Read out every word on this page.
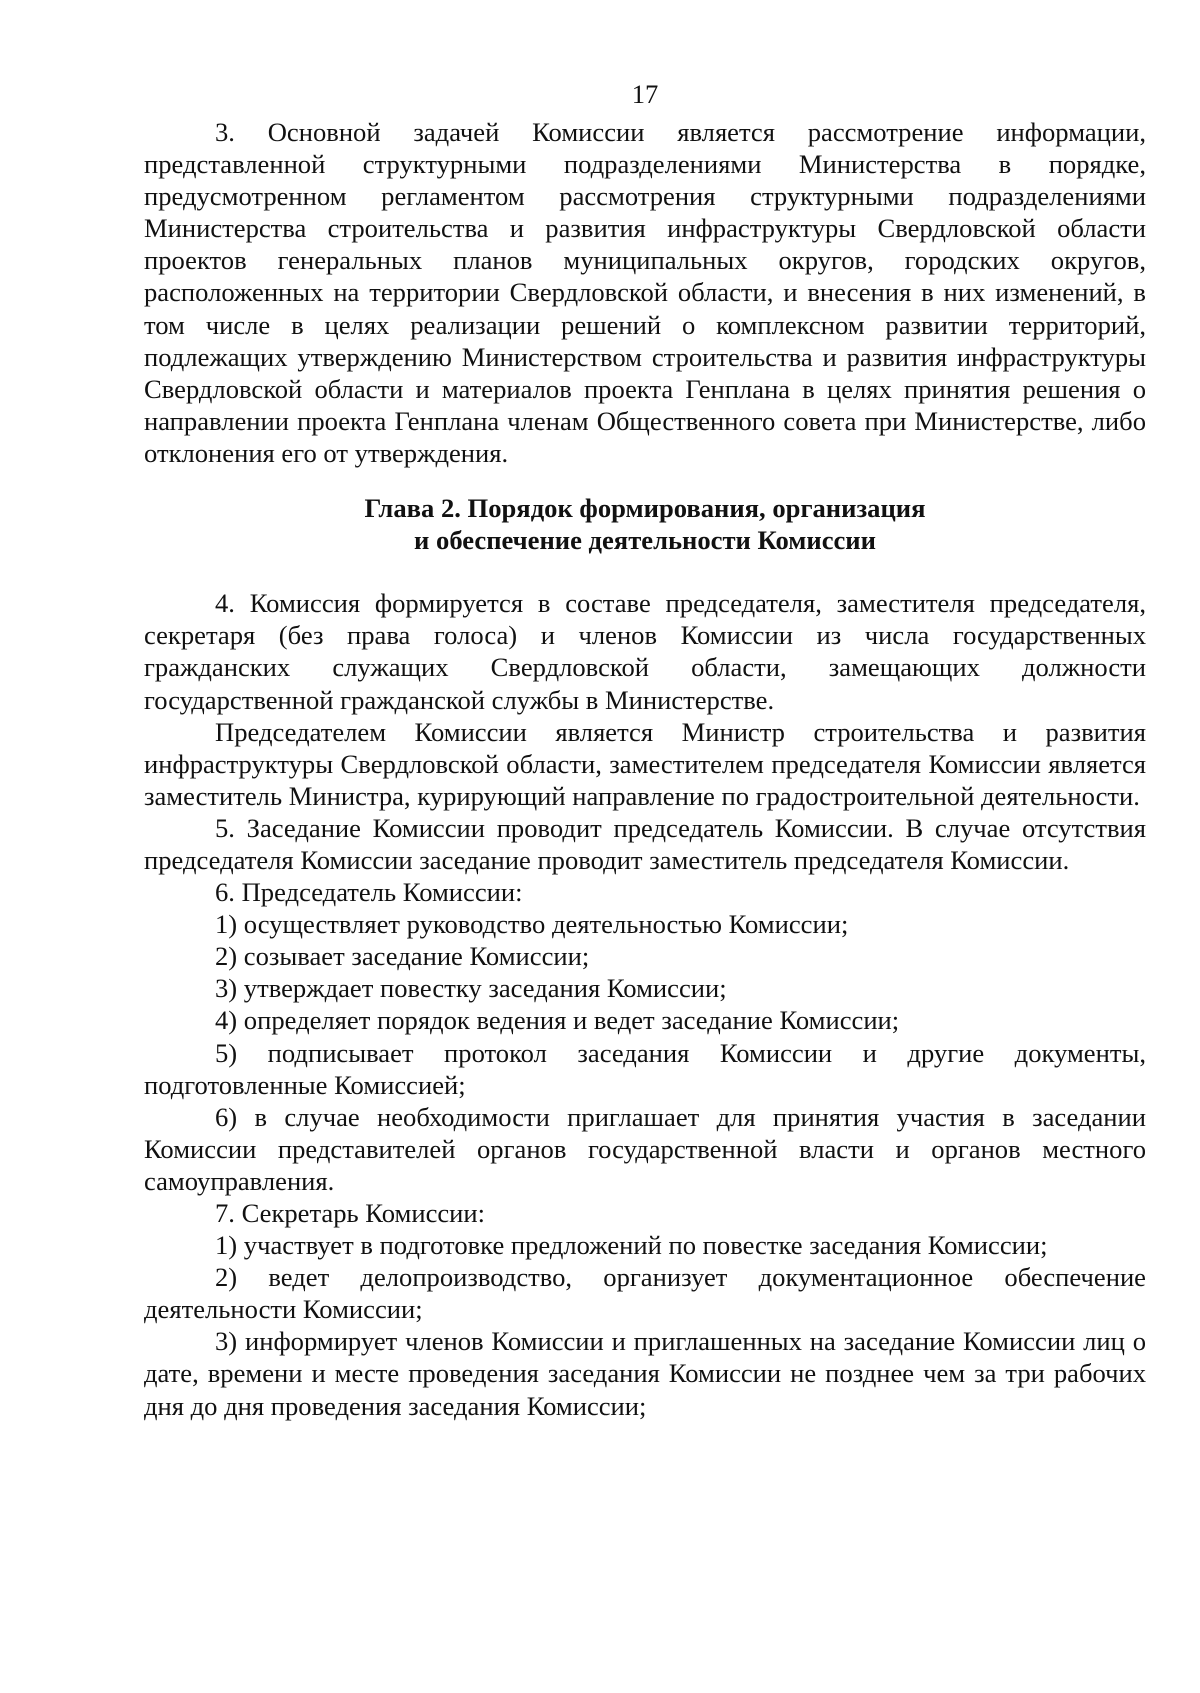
17

3. Основной задачей Комиссии является рассмотрение информации, представленной структурными подразделениями Министерства в порядке, предусмотренном регламентом рассмотрения структурными подразделениями Министерства строительства и развития инфраструктуры Свердловской области проектов генеральных планов муниципальных округов, городских округов, расположенных на территории Свердловской области, и внесения в них изменений, в том числе в целях реализации решений о комплексном развитии территорий, подлежащих утверждению Министерством строительства и развития инфраструктуры Свердловской области и материалов проекта Генплана в целях принятия решения о направлении проекта Генплана членам Общественного совета при Министерстве, либо отклонения его от утверждения.

Глава 2. Порядок формирования, организация
и обеспечение деятельности Комиссии

4. Комиссия формируется в составе председателя, заместителя председателя, секретаря (без права голоса) и членов Комиссии из числа государственных гражданских служащих Свердловской области, замещающих должности государственной гражданской службы в Министерстве.

Председателем Комиссии является Министр строительства и развития инфраструктуры Свердловской области, заместителем председателя Комиссии является заместитель Министра, курирующий направление по градостроительной деятельности.

5. Заседание Комиссии проводит председатель Комиссии. В случае отсутствия председателя Комиссии заседание проводит заместитель председателя Комиссии.

6. Председатель Комиссии:

1) осуществляет руководство деятельностью Комиссии;

2) созывает заседание Комиссии;

3) утверждает повестку заседания Комиссии;

4) определяет порядок ведения и ведет заседание Комиссии;

5) подписывает протокол заседания Комиссии и другие документы, подготовленные Комиссией;

6) в случае необходимости приглашает для принятия участия в заседании Комиссии представителей органов государственной власти и органов местного самоуправления.

7. Секретарь Комиссии:

1) участвует в подготовке предложений по повестке заседания Комиссии;

2) ведет делопроизводство, организует документационное обеспечение деятельности Комиссии;

3) информирует членов Комиссии и приглашенных на заседание Комиссии лиц о дате, времени и месте проведения заседания Комиссии не позднее чем за три рабочих дня до дня проведения заседания Комиссии;
